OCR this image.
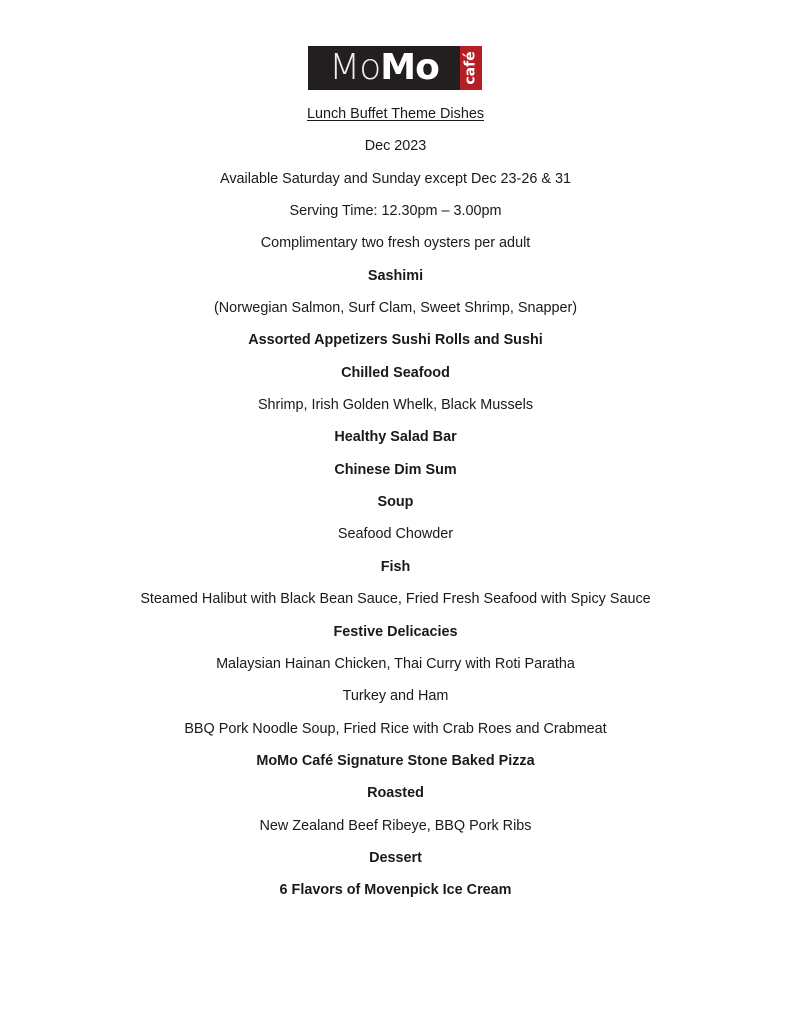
Mo Mo café
Lunch Buffet Theme Dishes
Dec 2023
Available Saturday and Sunday except Dec 23-26 & 31
Serving Time: 12.30pm – 3.00pm
Complimentary two fresh oysters per adult
Sashimi
(Norwegian Salmon, Surf Clam, Sweet Shrimp, Snapper)
Assorted Appetizers Sushi Rolls and Sushi
Chilled Seafood
Shrimp, Irish Golden Whelk, Black Mussels
Healthy Salad Bar
Chinese Dim Sum
Soup
Seafood Chowder
Fish
Steamed Halibut with Black Bean Sauce, Fried Fresh Seafood with Spicy Sauce
Festive Delicacies
Malaysian Hainan Chicken, Thai Curry with Roti Paratha
Turkey and Ham
BBQ Pork Noodle Soup, Fried Rice with Crab Roes and Crabmeat
MoMo Café Signature Stone Baked Pizza
Roasted
New Zealand Beef Ribeye, BBQ Pork Ribs
Dessert
6 Flavors of Movenpick Ice Cream
